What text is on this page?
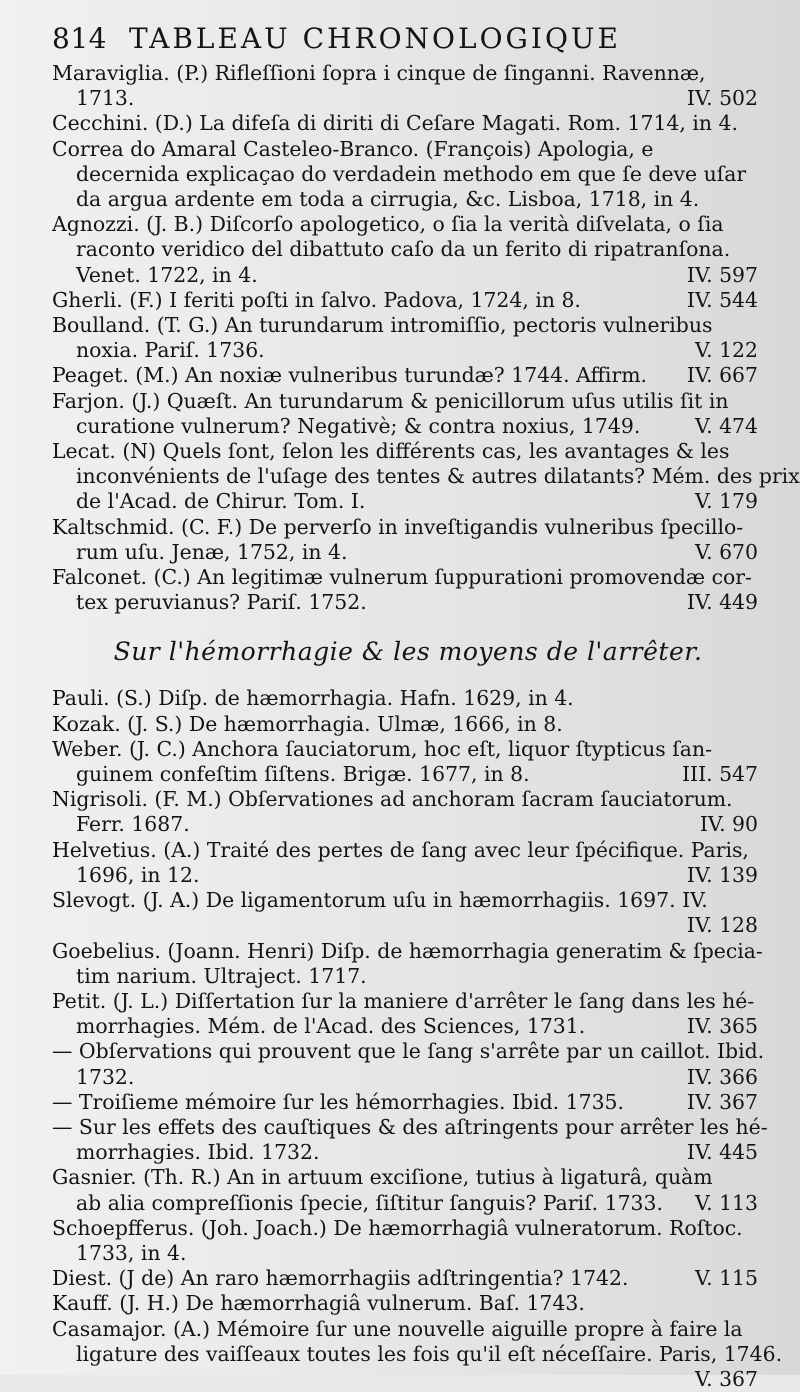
814 TABLEAU CHRONOLOGIQUE
Maraviglia. (P.) Rifleſſioni ſopra i cinque de ſinganni. Ravennæ,
1713.	IV. 502
Cecchini. (D.) La difeſa di diriti di Ceſare Magati. Rom. 1714, in 4.
Correa do Amaral Casteleo-Branco. (François) Apologia, e
decernida explicaçao do verdadein methodo em que ſe deve uſar
da argua ardente em toda a cirrugia, &c. Lisboa, 1718, in 4.
Agnozzi. (J. B.) Diſcorſo apologetico, o ſia la verità diſvelata, o ſia
raconto veridico del dibattuto caſo da un ferito di ripatranſona.
Venet. 1722, in 4.	IV. 597
Gherli. (F.) I feriti poſti in ſalvo. Padova, 1724, in 8.	IV. 544
Boulland. (T. G.) An turundarum intromiſſio, pectoris vulneribus
noxia. Pariſ. 1736.	V. 122
Peaget. (M.) An noxiæ vulneribus turundæ? 1744. Affirm. IV. 667
Farjon. (J.) Quæſt. An turundarum & penicillorum uſus utilis ſit in
curatione vulnerum? Negativè; & contra noxius, 1749.	V. 474
Lecat. (N) Quels ſont, ſelon les différents cas, les avantages & les
inconvénients de l'uſage des tentes & autres dilatants? Mém. des prix
de l'Acad. de Chirur. Tom. I.	V. 179
Kaltschmid. (C. F.) De perverſo in inveſtigandis vulneribus ſpecillo-
rum uſu. Jenæ, 1752, in 4.	V. 670
Falconet. (C.) An legitimæ vulnerum ſuppurationi promovendæ cor-
tex peruvianus? Pariſ. 1752.	IV. 449
Sur l'hémorrhagie & les moyens de l'arrêter.
Pauli. (S.) Diſp. de hæmorrhagia. Hafn. 1629, in 4.
Kozak. (J. S.) De hæmorrhagia. Ulmæ, 1666, in 8.
Weber. (J. C.) Anchora ſauciatorum, hoc eſt, liquor ſtypticus ſan-
guinem confeſtim ſiſtens. Brigæ. 1677, in 8.	III. 547
Nigrisoli. (F. M.) Obſervationes ad anchoram ſacram ſauciatorum.
Ferr. 1687.	IV. 90
Helvetius. (A.) Traité des pertes de ſang avec leur ſpécifique. Paris,
1696, in 12.	IV. 139
Slevogt. (J. A.) De ligamentorum uſu in hæmorrhagiis. 1697. IV.
IV. 128
Goebelius. (Joann. Henri) Diſp. de hæmorrhagia generatim & ſpecia-
tim narium. Ultraject. 1717.
Petit. (J. L.) Diſſertation ſur la maniere d'arrêter le ſang dans les hé-
morrhagies. Mém. de l'Acad. des Sciences, 1731.	IV. 365
— Obſervations qui prouvent que le ſang s'arrête par un caillot. Ibid.
1732.	IV. 366
— Troiſieme mémoire ſur les hémorrhagies. Ibid. 1735.	IV. 367
— Sur les effets des cauſtiques & des aſtringents pour arrêter les hé-
morrhagies. Ibid. 1732.	IV. 445
Gasnier. (Th. R.) An in artuum exciſione, tutius à ligaturâ, quàm
ab alia compreſſionis ſpecie, ſiſtitur ſanguis? Pariſ. 1733. V. 113
Schoepfferus. (Joh. Joach.) De hæmorrhagiâ vulneratorum. Roſtoc.
1733, in 4.
Diest. (J de) An raro hæmorrhagiis adſtringentia? 1742.	V. 115
Kauff. (J. H.) De hæmorrhagiâ vulnerum. Baſ. 1743.
Casamajor. (A.) Mémoire ſur une nouvelle aiguille propre à faire la
ligature des vaiſſeaux toutes les fois qu'il eſt néceſſaire. Paris, 1746.
V. 367
